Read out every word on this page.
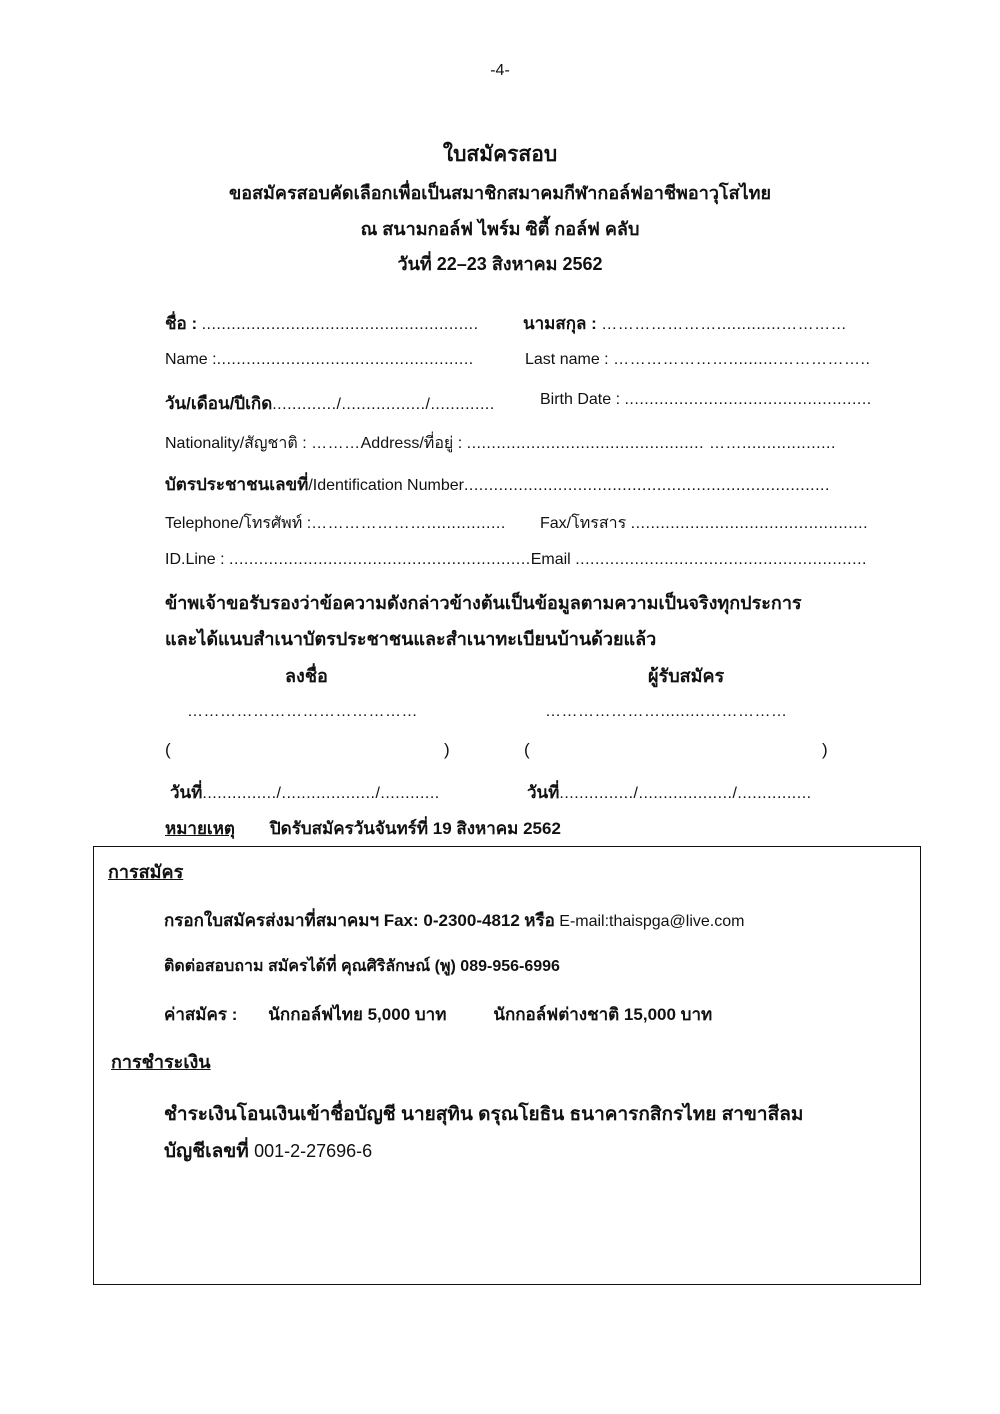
-4-
ใบสมัครสอบ
ขอสมัครสอบคัดเลือกเพื่อเป็นสมาชิกสมาคมกีฬากอล์ฟอาชีพอาวุโสไทย
ณ สนามกอล์ฟ ไพร์ม ซิตี้ กอล์ฟ คลับ
วันที่ 22–23 สิงหาคม 2562
ชื่อ : ........................................................	นามสกุล : ………………….............…………
Name :....................................................	Last name : …………………..........……………..
วัน/เดือน/ปีเกิด............./................./.............	Birth Date : ..................................................
Nationality/สัญชาติ : ………Address/ที่อยู่ : ................................................ ……...................
บัตรประชาชนเลขที่/Identification Number..........................................................................
Telephone/โทรศัพท์ :…………………................ Fax/โทรสาร ................................................
ID.Line : .............................................................Email ...........................................................
ข้าพเจ้าขอรับรองว่าข้อความดังกล่าวข้างต้นเป็นข้อมูลตามความเป็นจริงทุกประการ
และได้แนบสำเนาบัตรประชาชนและสำเนาทะเบียนบ้านด้วยแล้ว
ลงชื่อ	ผู้รับสมัคร
……………………………………	………………….........……………
(	)	(	)
วันที่.............../.................../............	วันที่.............../.................../...............
หมายเหตุ ปิดรับสมัครวันจันทร์ที่ 19 สิงหาคม 2562
การสมัคร
กรอกใบสมัครส่งมาที่สมาคมฯ Fax: 0-2300-4812 หรือ E-mail:thaispga@live.com
ติดต่อสอบถาม สมัครได้ที่ คุณศิริลักษณ์ (พู) 089-956-6996
ค่าสมัคร : นักกอล์ฟไทย 5,000 บาท	นักกอล์ฟต่างชาติ 15,000 บาท
การชำระเงิน
ชำระเงินโอนเงินเข้าชื่อบัญชี นายสุทิน ดรุณโยธิน ธนาคารกสิกรไทย สาขาสีลม
บัญชีเลขที่ 001-2-27696-6
